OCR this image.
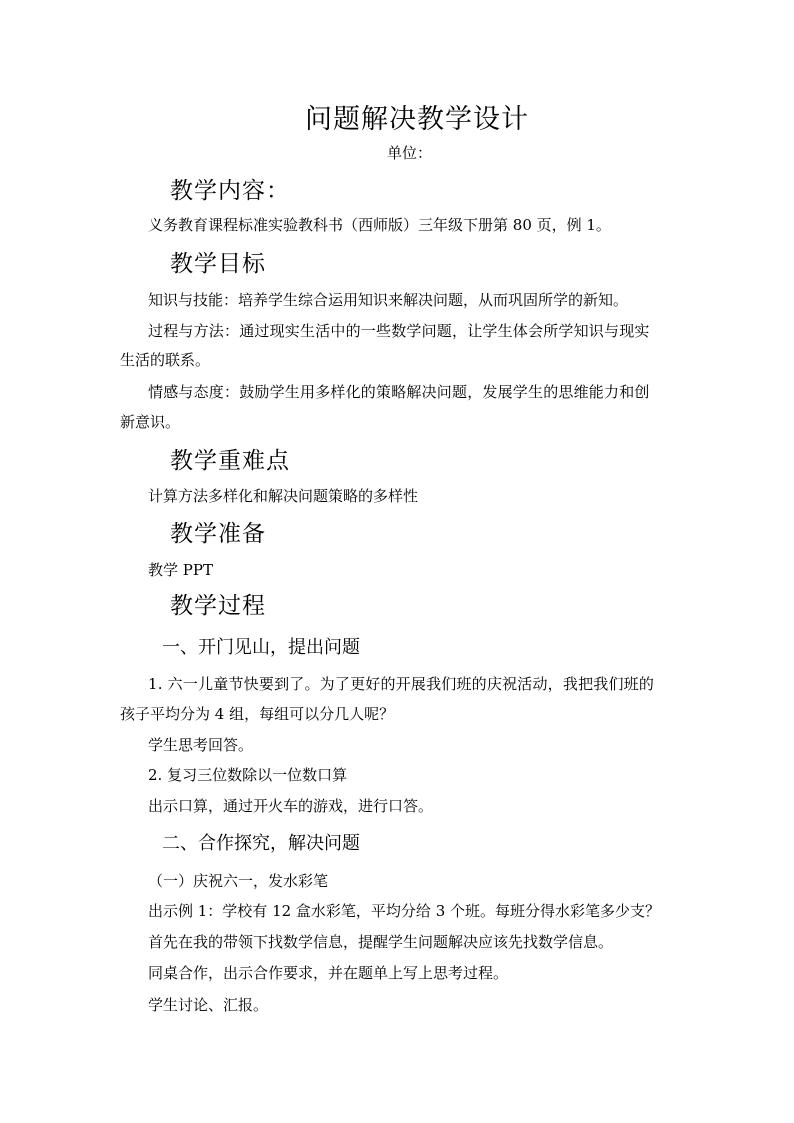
问题解决教学设计
单位：
教学内容：
义务教育课程标准实验教科书（西师版）三年级下册第 80 页，例 1。
教学目标
知识与技能：培养学生综合运用知识来解决问题，从而巩固所学的新知。
过程与方法：通过现实生活中的一些数学问题，让学生体会所学知识与现实
生活的联系。
情感与态度：鼓励学生用多样化的策略解决问题，发展学生的思维能力和创
新意识。
教学重难点
计算方法多样化和解决问题策略的多样性
教学准备
教学 PPT
教学过程
一、开门见山，提出问题
1. 六一儿童节快要到了。为了更好的开展我们班的庆祝活动，我把我们班的
孩子平均分为 4 组，每组可以分几人呢？
学生思考回答。
2. 复习三位数除以一位数口算
出示口算，通过开火车的游戏，进行口答。
二、合作探究，解决问题
（一）庆祝六一，发水彩笔
出示例 1：学校有 12 盒水彩笔，平均分给 3 个班。每班分得水彩笔多少支？
首先在我的带领下找数学信息，提醒学生问题解决应该先找数学信息。
同桌合作，出示合作要求，并在题单上写上思考过程。
学生讨论、汇报。
